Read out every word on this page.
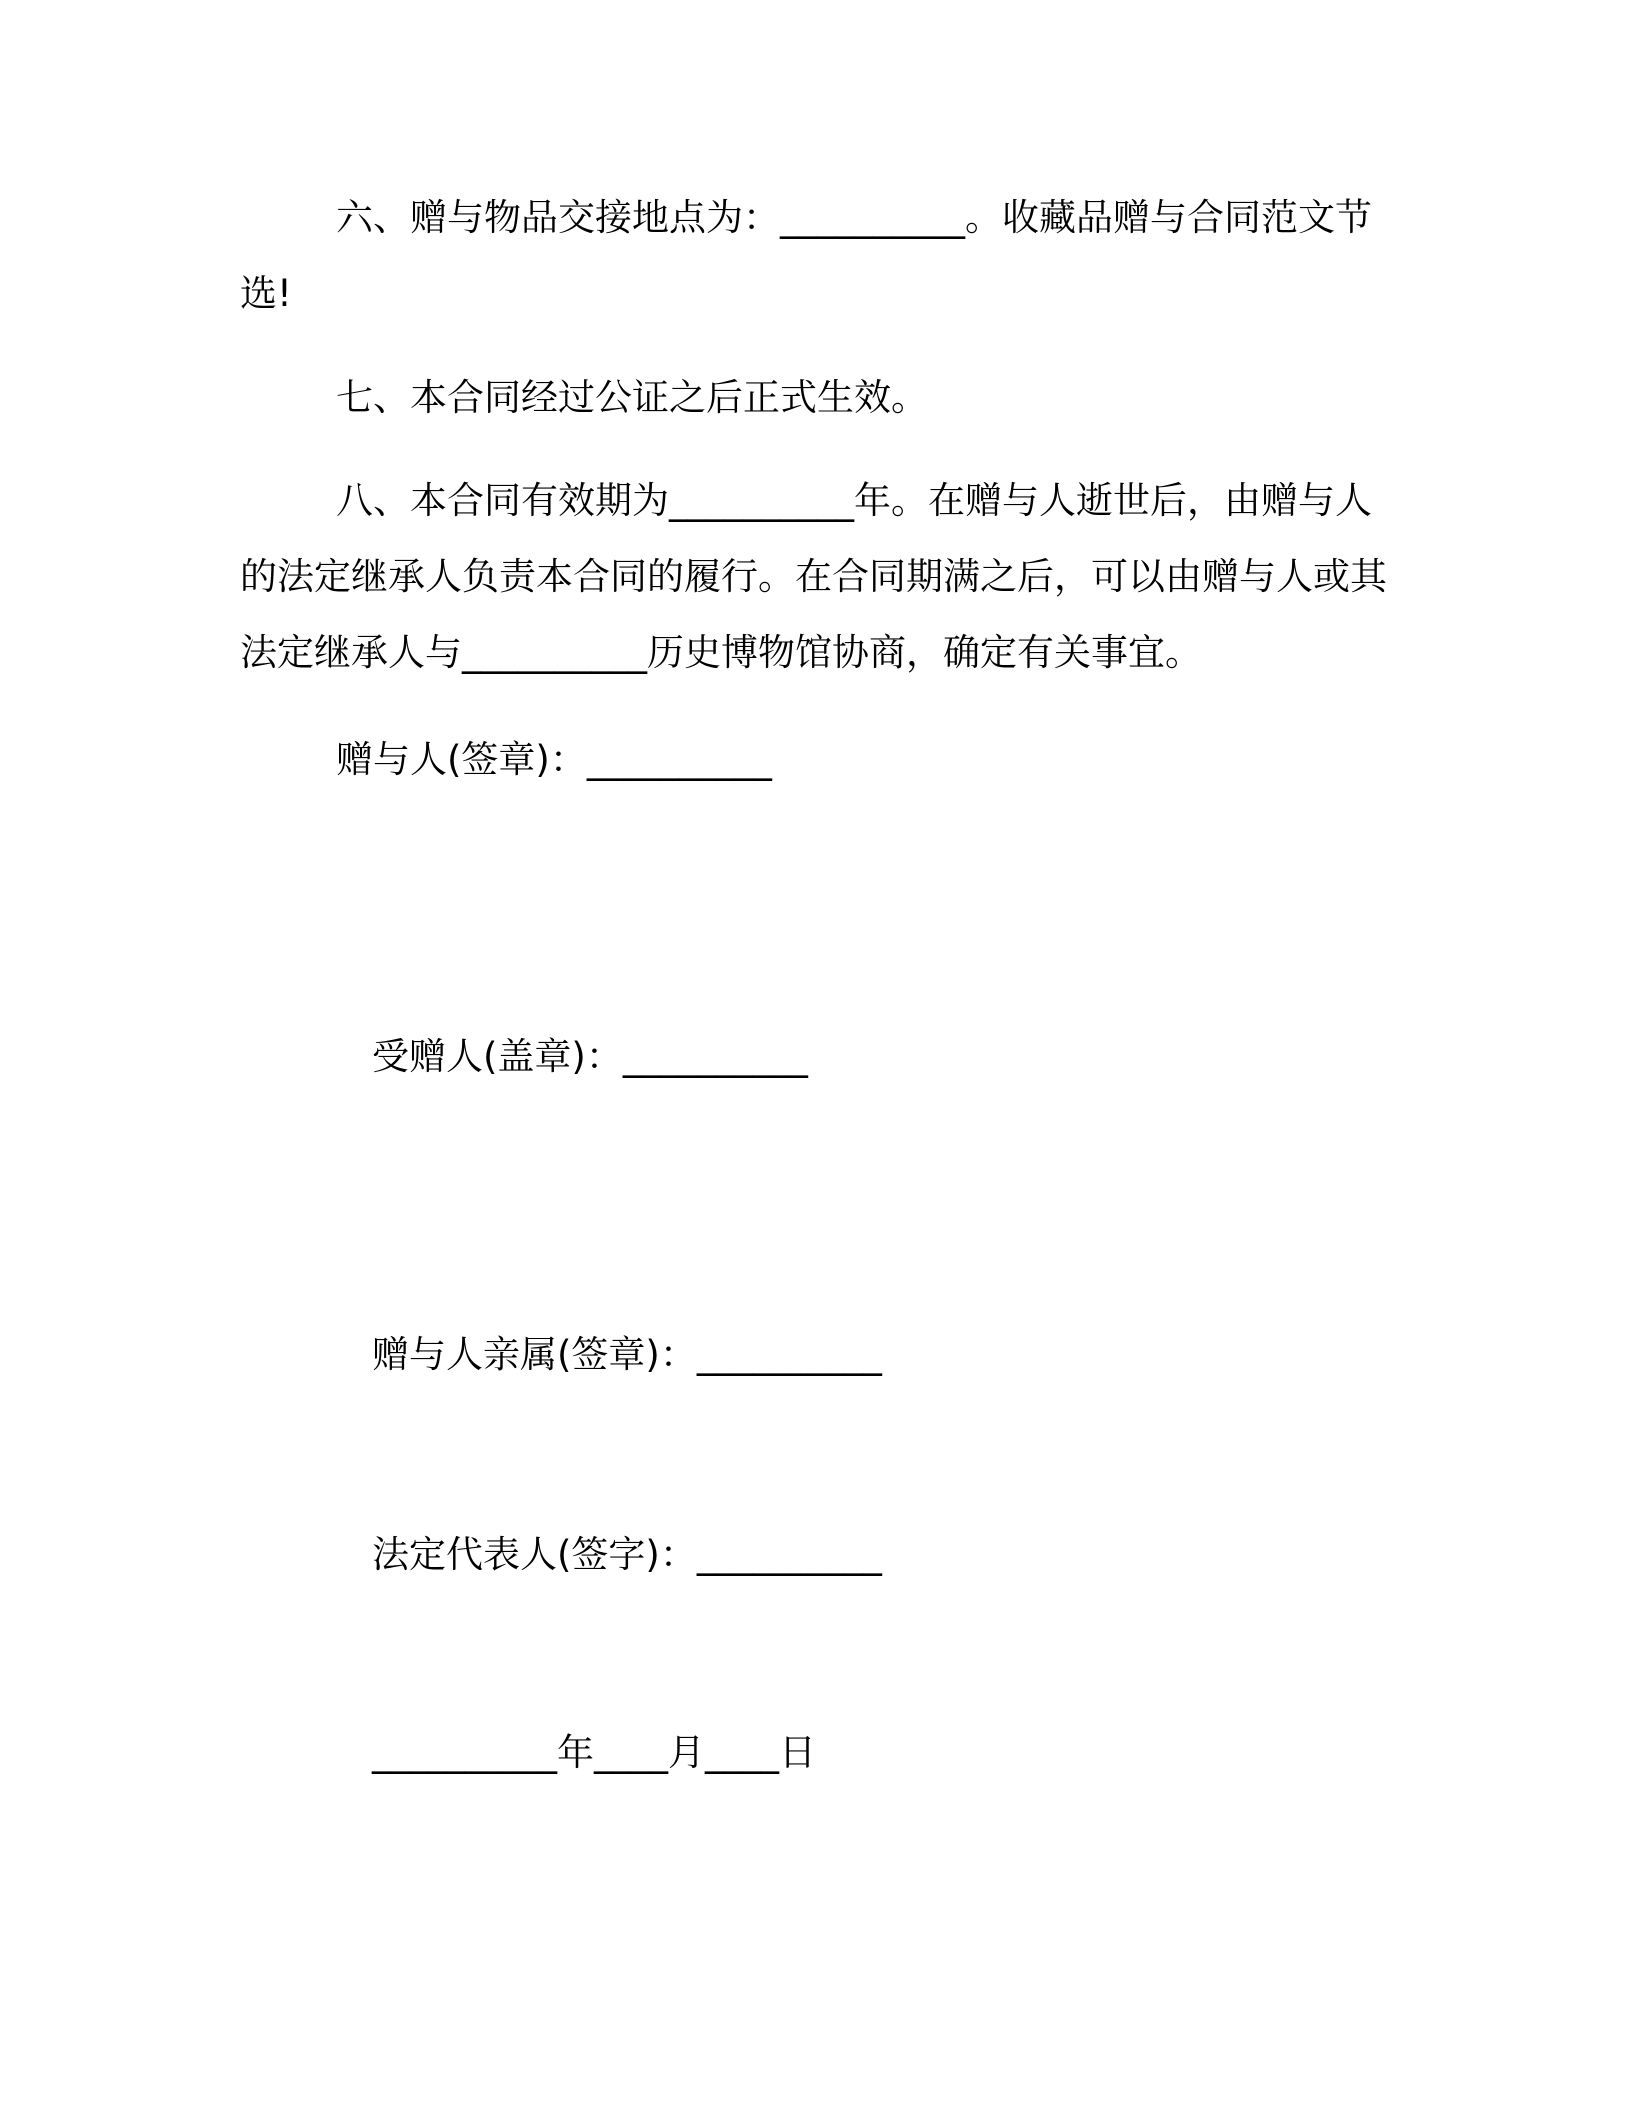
六、赠与物品交接地点为：__________。收藏品赠与合同范文节选!

七、本合同经过公证之后正式生效。

八、本合同有效期为__________年。在赠与人逝世后，由赠与人的法定继承人负责本合同的履行。在合同期满之后，可以由赠与人或其法定继承人与__________历史博物馆协商，确定有关事宜。

赠与人(签章)：__________

受赠人(盖章)：__________

赠与人亲属(签章)：__________

法定代表人(签字)：__________

__________年____月____日
